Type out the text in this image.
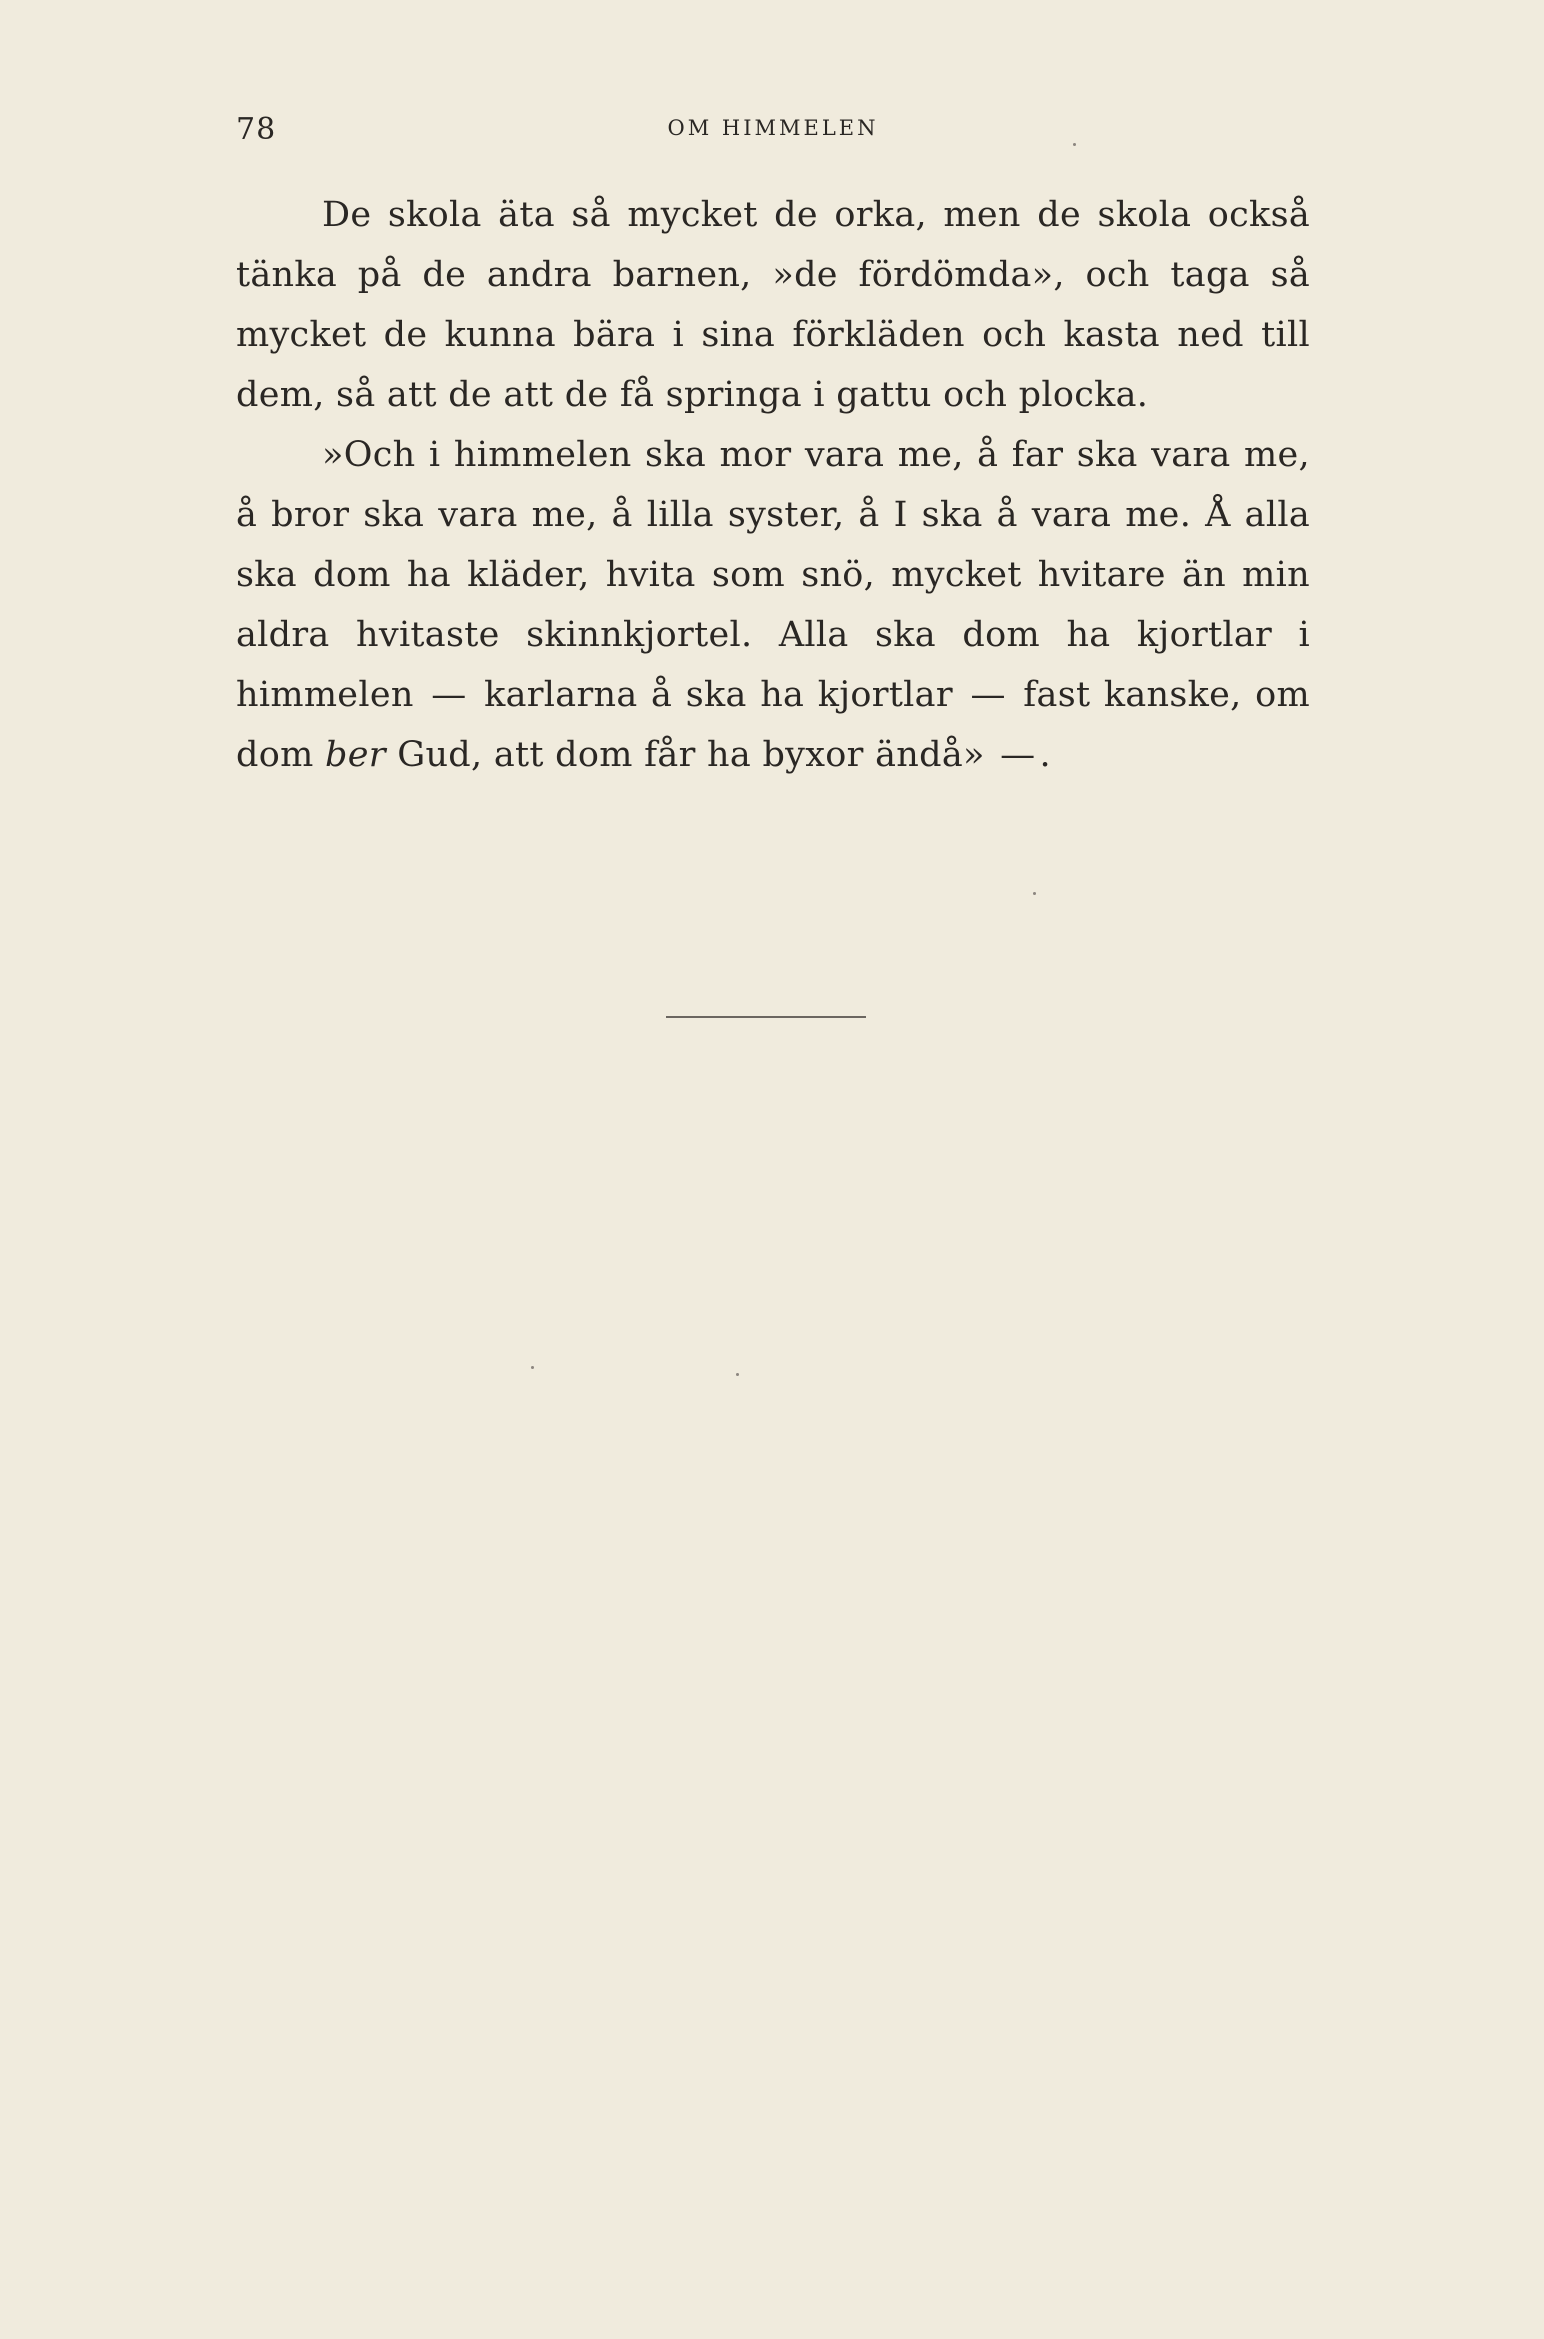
78	OM HIMMELEN

De skola äta så mycket de orka, men de skola också tänka på de andra barnen, »de fördömda», och taga så mycket de kunna bära i sina förkläden och kasta ned till dem, så att de att de få springa i gattu och plocka.

»Och i himmelen ska mor vara me, å far ska vara me, å bror ska vara me, å lilla syster, å I ska å vara me. Å alla ska dom ha kläder, hvita som snö, mycket hvitare än min aldra hvitaste skinnkjortel. Alla ska dom ha kjortlar i himmelen — karlarna å ska ha kjortlar — fast kanske, om dom ber Gud, att dom får ha byxor ändå» — .
